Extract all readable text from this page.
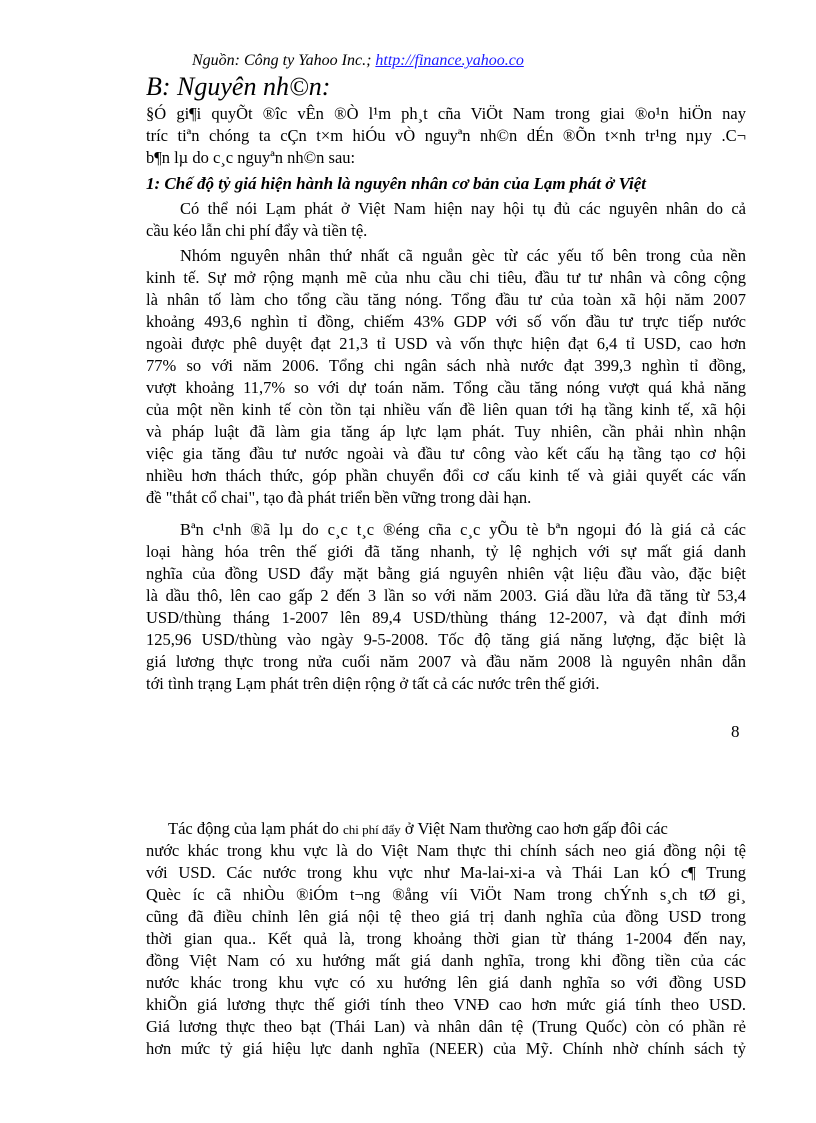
Nguồn: Công ty Yahoo Inc.; http://finance.yahoo.co
B: Nguyên nh©n:
§Ó gi¶i quyÕt ®îc vÊn ®Ò l¹m ph¸t cña ViÖt Nam trong giai ®o¹n hiÖn nay
tríc tiªn chóng ta cÇn t×m hiÓu vÒ nguyªn nh©n dÉn ®Õn t×nh tr¹ng nµy .C¬
b¶n lµ do c¸c nguyªn nh©n sau:
1: Chế độ tỷ giá hiện hành là nguyên nhân cơ bản của Lạm phát ở Việt
Có thể nói Lạm phát ở Việt Nam hiện nay hội tụ đủ các nguyên nhân do cả
cầu kéo lẫn chi phí đẩy và tiền tệ.
Nhóm nguyên nhân thứ nhất cã nguån gèc từ các yếu tố bên trong của nền
kinh tế. Sự mở rộng mạnh mẽ của nhu cầu chi tiêu, đầu tư tư nhân và công cộng
là nhân tố làm cho tổng cầu tăng nóng. Tổng đầu tư của toàn xã hội năm 2007
khoảng 493,6 nghìn tỉ đồng, chiếm 43% GDP với số vốn đầu tư trực tiếp nước
ngoài được phê duyệt đạt 21,3 tỉ USD và vốn thực hiện đạt 6,4 tỉ USD, cao hơn
77% so với năm 2006. Tổng chi ngân sách nhà nước đạt 399,3 nghìn tỉ đồng,
vượt khoảng 11,7% so với dự toán năm. Tổng cầu tăng nóng vượt quá khả năng
của một nền kinh tế còn tồn tại nhiều vấn đề liên quan tới hạ tầng kinh tế, xã hội
và pháp luật đã làm gia tăng áp lực lạm phát. Tuy nhiên, cần phải nhìn nhận
việc gia tăng đầu tư nước ngoài và đầu tư công vào kết cấu hạ tầng tạo cơ hội
nhiều hơn thách thức, góp phần chuyển đổi cơ cấu kinh tế và giải quyết các vấn
đề "thắt cổ chai", tạo đà phát triển bền vững trong dài hạn.
Bªn c¹nh ®ã lµ do c¸c t¸c ®éng cña c¸c yÕu tè bªn ngoµi đó là giá cả các
loại hàng hóa trên thế giới đã tăng nhanh, tỷ lệ nghịch với sự mất giá danh
nghĩa của đồng USD đẩy mặt bằng giá nguyên nhiên vật liệu đầu vào, đặc biệt
là dầu thô, lên cao gấp 2 đến 3 lần so với năm 2003. Giá dầu lửa đã tăng từ 53,4
USD/thùng tháng 1-2007 lên 89,4 USD/thùng tháng 12-2007, và đạt đỉnh mới
125,96 USD/thùng vào ngày 9-5-2008. Tốc độ tăng giá năng lượng, đặc biệt là
giá lương thực trong nửa cuối năm 2007 và đầu năm 2008 là nguyên nhân dẫn
tới tình trạng Lạm phát trên diện rộng ở tất cả các nước trên thế giới.
8
Tác động của lạm phát do chi phí đẩy ở Việt Nam thường cao hơn gấp đôi các
nước khác trong khu vực là do Việt Nam thực thi chính sách neo giá đồng nội tệ
với USD. Các nước trong khu vực như Ma-lai-xi-a và Thái Lan kÓ c¶ Trung
Quèc íc cã nhiÒu ®iÓm t¬ng ®ång víi ViÖt Nam trong chÝnh s¸ch tØ gi¸
cũng đã điều chỉnh lên giá nội tệ theo giá trị danh nghĩa của đồng USD trong
thời gian qua.. Kết quả là, trong khoảng thời gian từ tháng 1-2004 đến nay,
đồng Việt Nam có xu hướng mất giá danh nghĩa, trong khi đồng tiền của các
nước khác trong khu vực có xu hướng lên giá danh nghĩa so với đồng USD
khiÕn giá lương thực thế giới tính theo VNĐ cao hơn mức giá tính theo USD.
Giá lương thực theo bạt (Thái Lan) và nhân dân tệ (Trung Quốc) còn có phần rẻ
hơn mức tỷ giá hiệu lực danh nghĩa (NEER) của Mỹ. Chính nhờ chính sách tỷ
